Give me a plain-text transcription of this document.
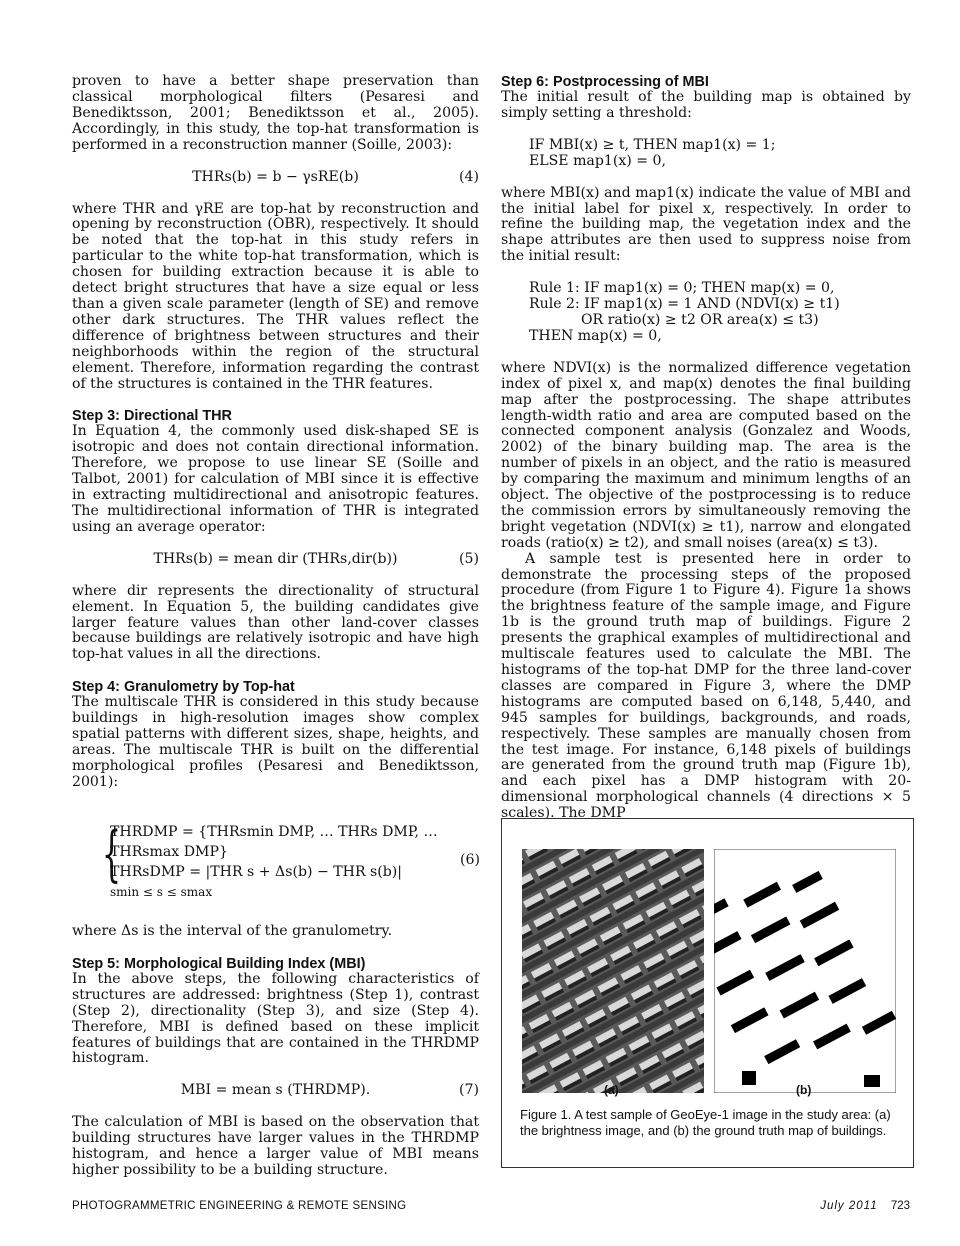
proven to have a better shape preservation than classical morphological filters (Pesaresi and Benediktsson, 2001; Benediktsson et al., 2005). Accordingly, in this study, the top-hat transformation is performed in a reconstruction manner (Soille, 2003):

THRs(b) = b − γsRE(b)	(4)

where THR and γRE are top-hat by reconstruction and opening by reconstruction (OBR), respectively. It should be noted that the top-hat in this study refers in particular to the white top-hat transformation, which is chosen for building extraction because it is able to detect bright structures that have a size equal or less than a given scale parameter (length of SE) and remove other dark structures. The THR values reflect the difference of brightness between structures and their neighborhoods within the region of the structural element. Therefore, information regarding the contrast of the structures is contained in the THR features.

Step 3: Directional THR

In Equation 4, the commonly used disk-shaped SE is isotropic and does not contain directional information. Therefore, we propose to use linear SE (Soille and Talbot, 2001) for calculation of MBI since it is effective in extracting multidirectional and anisotropic features. The multidirectional information of THR is integrated using an average operator:

THRs(b) = mean dir (THRs,dir(b))	(5)

where dir represents the directionality of structural element. In Equation 5, the building candidates give larger feature values than other land-cover classes because buildings are relatively isotropic and have high top-hat values in all the directions.

Step 4: Granulometry by Top-hat

The multiscale THR is considered in this study because buildings in high-resolution images show complex spatial patterns with different sizes, shape, heights, and areas. The multiscale THR is built on the differential morphological profiles (Pesaresi and Benediktsson, 2001):

{
THRDMP = {THRsmin DMP, … THRs DMP, … THRsmax DMP}
THRsDMP = |THR s + Δs(b) − THR s(b)|
smin ≤ s ≤ smax
(6)

where Δs is the interval of the granulometry.

Step 5: Morphological Building Index (MBI)

In the above steps, the following characteristics of structures are addressed: brightness (Step 1), contrast (Step 2), directionality (Step 3), and size (Step 4). Therefore, MBI is defined based on these implicit features of buildings that are contained in the THRDMP histogram.

MBI = mean s (THRDMP).	(7)

The calculation of MBI is based on the observation that building structures have larger values in the THRDMP histogram, and hence a larger value of MBI means higher possibility to be a building structure.

Step 6: Postprocessing of MBI

The initial result of the building map is obtained by simply setting a threshold:

IF MBI(x) ≥ t, THEN map1(x) = 1;
ELSE map1(x) = 0,

where MBI(x) and map1(x) indicate the value of MBI and the initial label for pixel x, respectively. In order to refine the building map, the vegetation index and the shape attributes are then used to suppress noise from the initial result:

Rule 1: IF map1(x) = 0; THEN map(x) = 0,
Rule 2: IF map1(x) = 1 AND (NDVI(x) ≥ t1)
OR ratio(x) ≥ t2 OR area(x) ≤ t3)
THEN map(x) = 0,

where NDVI(x) is the normalized difference vegetation index of pixel x, and map(x) denotes the final building map after the postprocessing. The shape attributes length-width ratio and area are computed based on the connected component analysis (Gonzalez and Woods, 2002) of the binary building map. The area is the number of pixels in an object, and the ratio is measured by comparing the maximum and minimum lengths of an object. The objective of the postprocessing is to reduce the commission errors by simultaneously removing the bright vegetation (NDVI(x) ≥ t1), narrow and elongated roads (ratio(x) ≥ t2), and small noises (area(x) ≤ t3).

A sample test is presented here in order to demonstrate the processing steps of the proposed procedure (from Figure 1 to Figure 4). Figure 1a shows the brightness feature of the sample image, and Figure 1b is the ground truth map of buildings. Figure 2 presents the graphical examples of multidirectional and multiscale features used to calculate the MBI. The histograms of the top-hat DMP for the three land-cover classes are compared in Figure 3, where the DMP histograms are computed based on 6,148, 5,440, and 945 samples for buildings, backgrounds, and roads, respectively. These samples are manually chosen from the test image. For instance, 6,148 pixels of buildings are generated from the ground truth map (Figure 1b), and each pixel has a DMP histogram with 20-dimensional morphological channels (4 directions × 5 scales). The DMP

(a)	(b)
Figure 1. A test sample of GeoEye-1 image in the study area: (a) the brightness image, and (b) the ground truth map of buildings.
PHOTOGRAMMETRIC ENGINEERING & REMOTE SENSING	July 2011 723
